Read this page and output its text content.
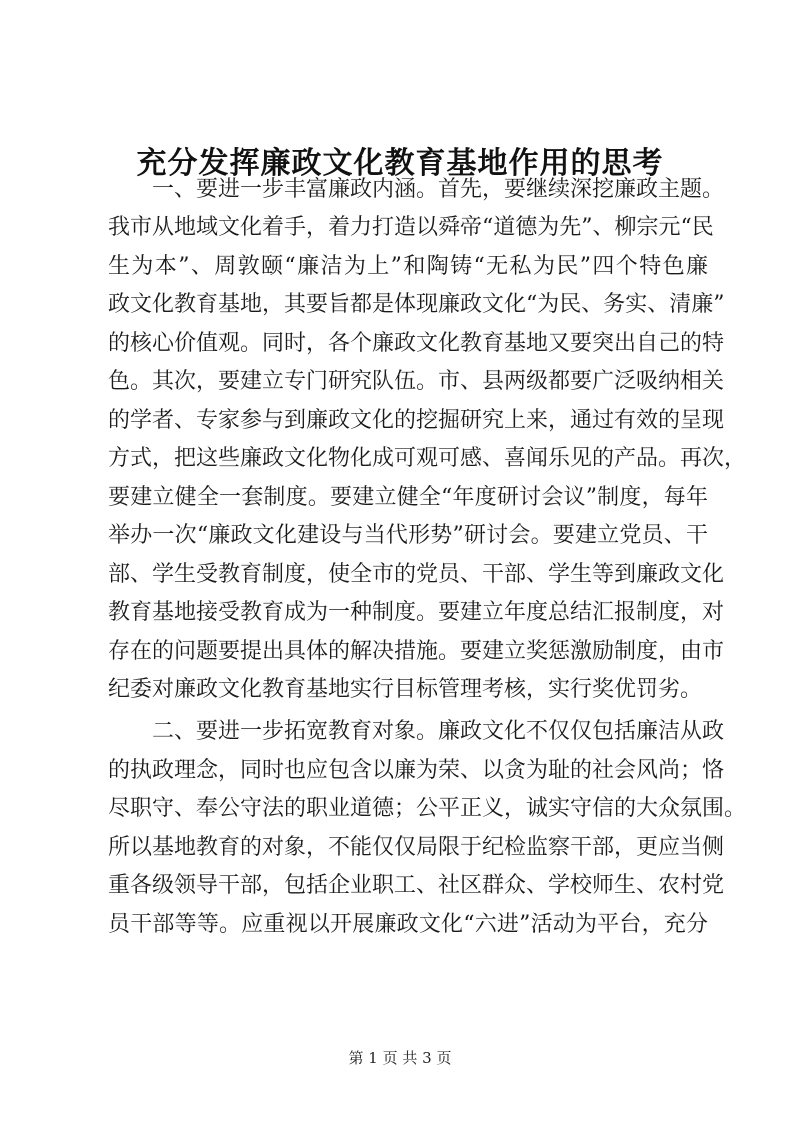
充分发挥廉政文化教育基地作用的思考

一、要进一步丰富廉政内涵。首先，要继续深挖廉政主题。

我市从地域文化着手，着力打造以舜帝“道德为先”、柳宗元“民

生为本”、周敦颐“廉洁为上”和陶铸“无私为民”四个特色廉

政文化教育基地，其要旨都是体现廉政文化“为民、务实、清廉”

的核心价值观。同时，各个廉政文化教育基地又要突出自己的特

色。其次，要建立专门研究队伍。市、县两级都要广泛吸纳相关

的学者、专家参与到廉政文化的挖掘研究上来，通过有效的呈现

方式，把这些廉政文化物化成可观可感、喜闻乐见的产品。再次，

要建立健全一套制度。要建立健全“年度研讨会议”制度，每年

举办一次“廉政文化建设与当代形势”研讨会。要建立党员、干

部、学生受教育制度，使全市的党员、干部、学生等到廉政文化

教育基地接受教育成为一种制度。要建立年度总结汇报制度，对

存在的问题要提出具体的解决措施。要建立奖惩激励制度，由市

纪委对廉政文化教育基地实行目标管理考核，实行奖优罚劣。

二、要进一步拓宽教育对象。廉政文化不仅仅包括廉洁从政

的执政理念，同时也应包含以廉为荣、以贪为耻的社会风尚；恪

尽职守、奉公守法的职业道德；公平正义，诚实守信的大众氛围。

所以基地教育的对象，不能仅仅局限于纪检监察干部，更应当侧

重各级领导干部，包括企业职工、社区群众、学校师生、农村党

员干部等等。应重视以开展廉政文化“六进”活动为平台，充分

第 1 页 共 3 页
